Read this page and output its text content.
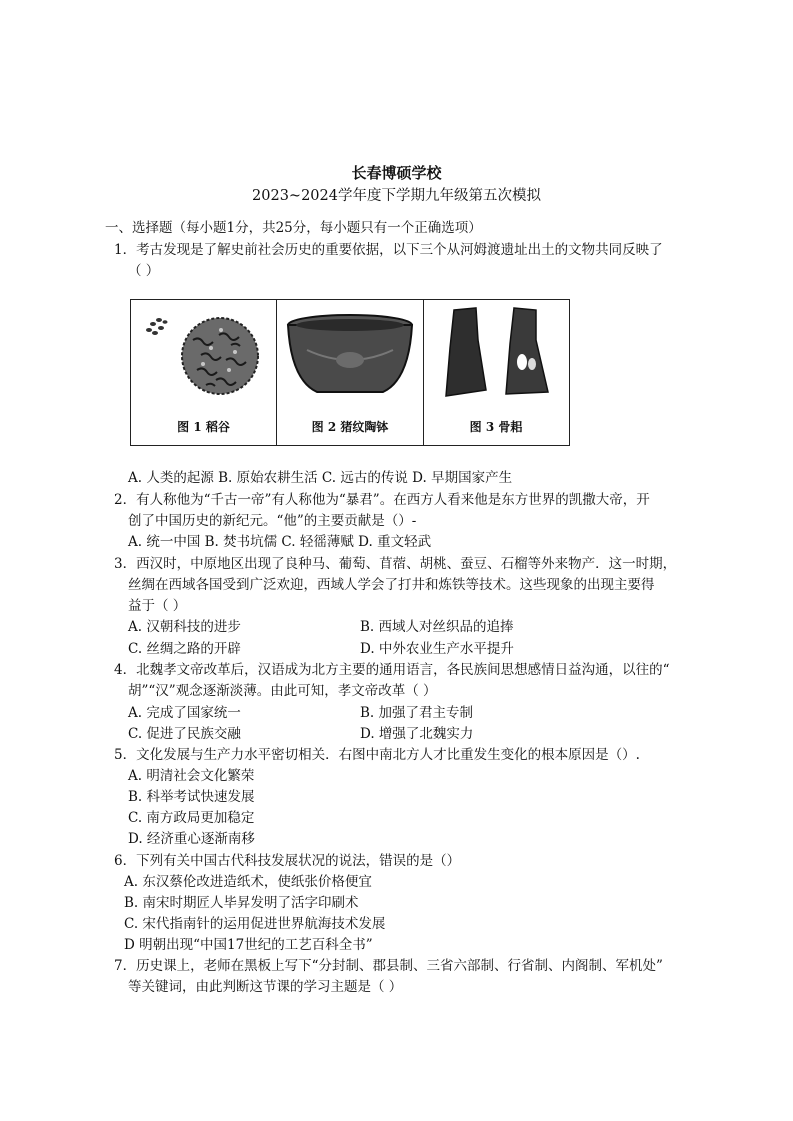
长春博硕学校
2023~2024学年度下学期九年级第五次模拟
一、选择题（每小题1分，共25分，每小题只有一个正确选项）
1．考古发现是了解史前社会历史的重要依据，以下三个从河姆渡遗址出土的文物共同反映了
（ ）
图 1 稻谷	图 2 猪纹陶钵	图 3 骨耜
A. 人类的起源 B. 原始农耕生活 C. 远古的传说 D. 早期国家产生
2．有人称他为“千古一帝”有人称他为“暴君”。在西方人看来他是东方世界的凯撒大帝，开
创了中国历史的新纪元。“他”的主要贡献是（）-
A. 统一中国 B. 焚书坑儒 C. 轻徭薄赋 D. 重文轻武
3．西汉时，中原地区出现了良种马、葡萄、苜蓿、胡桃、蚕豆、石榴等外来物产．这一时期，
丝绸在西域各国受到广泛欢迎，西域人学会了打井和炼铁等技术。这些现象的出现主要得
益于（ ）
A. 汉朝科技的进步	B. 西域人对丝织品的追捧
C. 丝绸之路的开辟	D. 中外农业生产水平提升
4．北魏孝文帝改革后，汉语成为北方主要的通用语言，各民族间思想感情日益沟通，以往的“
胡”“汉”观念逐渐淡薄。由此可知，孝文帝改革（ ）
A. 完成了国家统一	B. 加强了君主专制
C. 促进了民族交融	D. 增强了北魏实力
5．文化发展与生产力水平密切相关．右图中南北方人才比重发生变化的根本原因是（）.
A. 明清社会文化繁荣
B. 科举考试快速发展
C. 南方政局更加稳定
D. 经济重心逐渐南移
6．下列有关中国古代科技发展状况的说法，错误的是（）
A. 东汉蔡伦改进造纸术，使纸张价格便宜
B. 南宋时期匠人毕昇发明了活字印刷术
C. 宋代指南针的运用促进世界航海技术发展
D 明朝出现“中国17世纪的工艺百科全书”
7．历史课上，老师在黑板上写下“分封制、郡县制、三省六部制、行省制、内阁制、军机处”
等关键词，由此判断这节课的学习主题是（ ）
